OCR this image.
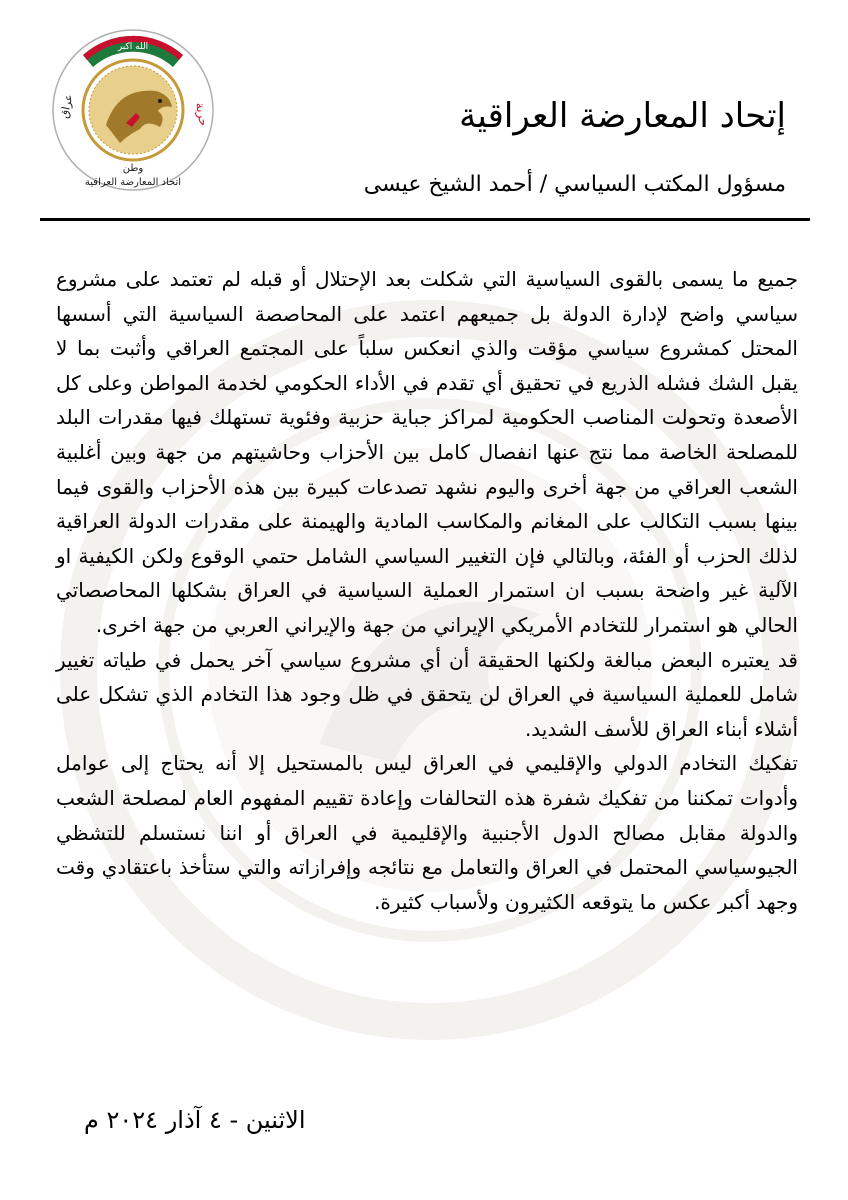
الله اكبر
عراق	حرية
وطن
اتحاد المعارضة العراقية
إتحاد المعارضة العراقية
مسؤول المكتب السياسي / أحمد الشيخ عيسى

جميع ما يسمى بالقوى السياسية التي شكلت بعد الإحتلال أو قبله لم تعتمد على مشروع سياسي واضح لإدارة الدولة بل جميعهم اعتمد على المحاصصة السياسية التي أسسها المحتل كمشروع سياسي مؤقت والذي انعكس سلباً على المجتمع العراقي وأثبت بما لا يقبل الشك فشله الذريع في تحقيق أي تقدم في الأداء الحكومي لخدمة المواطن وعلى كل الأصعدة وتحولت المناصب الحكومية لمراكز جباية حزبية وفئوية تستهلك فيها مقدرات البلد للمصلحة الخاصة مما نتج عنها انفصال كامل بين الأحزاب وحاشيتهم من جهة وبين أغلبية الشعب العراقي من جهة أخرى واليوم نشهد تصدعات كبيرة بين هذه الأحزاب والقوى فيما بينها بسبب التكالب على المغانم والمكاسب المادية والهيمنة على مقدرات الدولة العراقية لذلك الحزب أو الفئة، وبالتالي فإن التغيير السياسي الشامل حتمي الوقوع ولكن الكيفية او الآلية غير واضحة بسبب ان استمرار العملية السياسية في العراق بشكلها المحاصصاتي الحالي هو استمرار للتخادم الأمريكي الإيراني من جهة والإيراني العربي من جهة اخرى.

قد يعتبره البعض مبالغة ولكنها الحقيقة أن أي مشروع سياسي آخر يحمل في طياته تغيير شامل للعملية السياسية في العراق لن يتحقق في ظل وجود هذا التخادم الذي تشكل على أشلاء أبناء العراق للأسف الشديد.

تفكيك التخادم الدولي والإقليمي في العراق ليس بالمستحيل إلا أنه يحتاج إلى عوامل وأدوات تمكننا من تفكيك شفرة هذه التحالفات وإعادة تقييم المفهوم العام لمصلحة الشعب والدولة مقابل مصالح الدول الأجنبية والإقليمية في العراق أو اننا نستسلم للتشظي الجيوسياسي المحتمل في العراق والتعامل مع نتائجه وإفرازاته والتي ستأخذ باعتقادي وقت وجهد أكبر عكس ما يتوقعه الكثيرون ولأسباب كثيرة.

الاثنين - ٤ آذار ٢٠٢٤ م
